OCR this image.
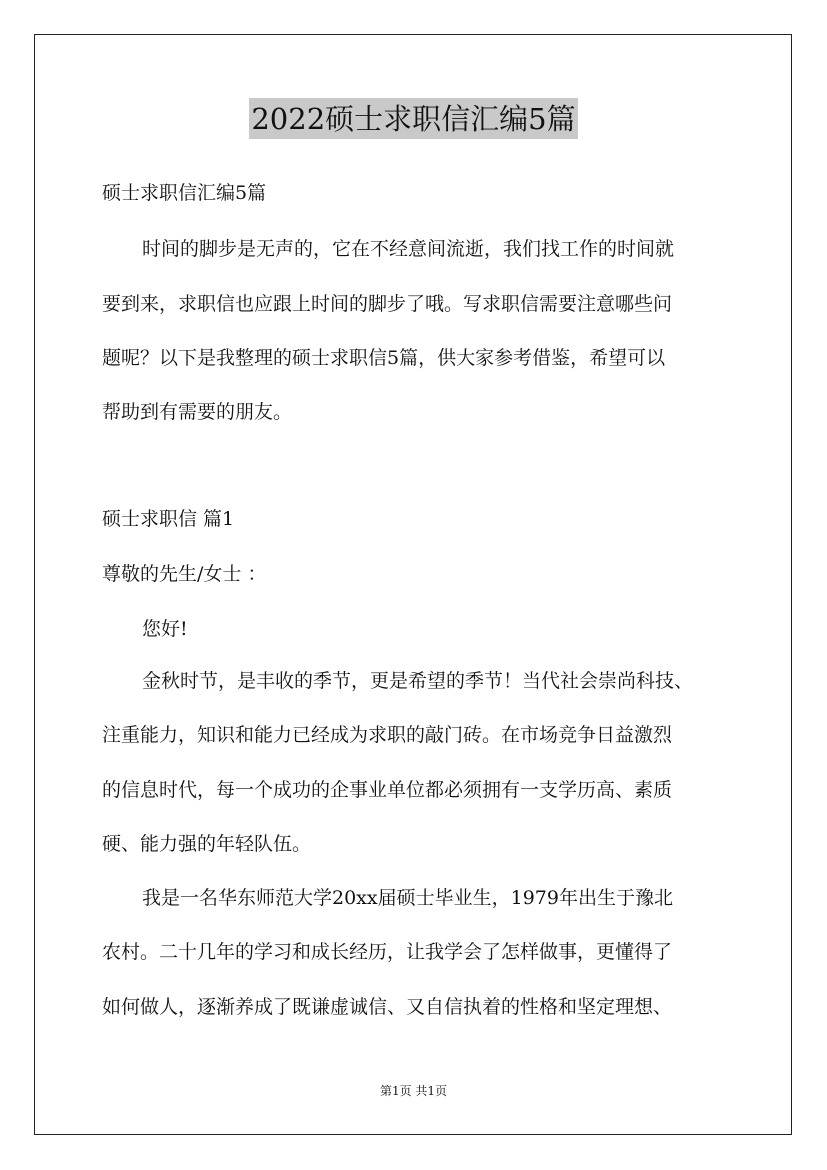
2022硕士求职信汇编5篇
硕士求职信汇编5篇
时间的脚步是无声的，它在不经意间流逝，我们找工作的时间就
要到来，求职信也应跟上时间的脚步了哦。写求职信需要注意哪些问
题呢？以下是我整理的硕士求职信5篇，供大家参考借鉴，希望可以
帮助到有需要的朋友。
硕士求职信 篇1
尊敬的先生/女士 ：
您好!
金秋时节，是丰收的季节，更是希望的季节！当代社会崇尚科技、
注重能力，知识和能力已经成为求职的敲门砖。在市场竞争日益激烈
的信息时代，每一个成功的企事业单位都必须拥有一支学历高、素质
硬、能力强的年轻队伍。
我是一名华东师范大学20xx届硕士毕业生，1979年出生于豫北
农村。二十几年的学习和成长经历，让我学会了怎样做事，更懂得了
如何做人，逐渐养成了既谦虚诚信、又自信执着的性格和坚定理想、
第1页 共1页
